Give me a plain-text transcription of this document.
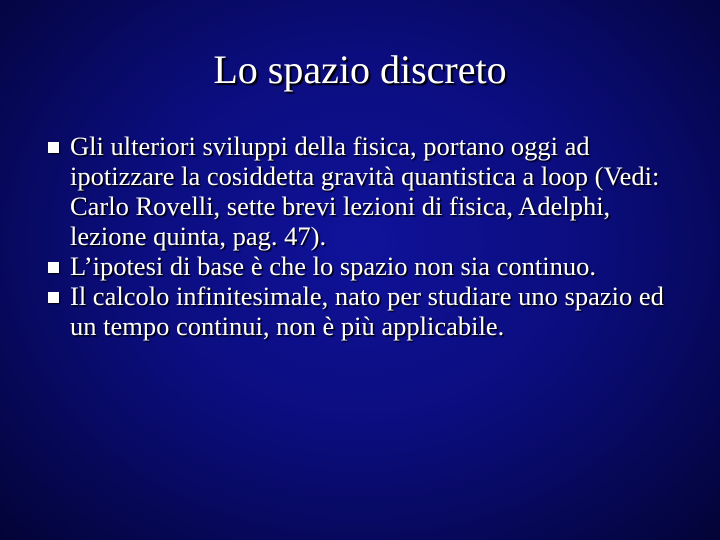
Lo spazio discreto
Gli ulteriori sviluppi della fisica, portano oggi ad ipotizzare la cosiddetta gravità quantistica a loop (Vedi: Carlo Rovelli, sette brevi lezioni di fisica, Adelphi, lezione quinta, pag. 47).
L’ipotesi di base è che lo spazio non sia continuo.
Il calcolo infinitesimale, nato per studiare uno spazio ed un tempo continui, non è più applicabile.
